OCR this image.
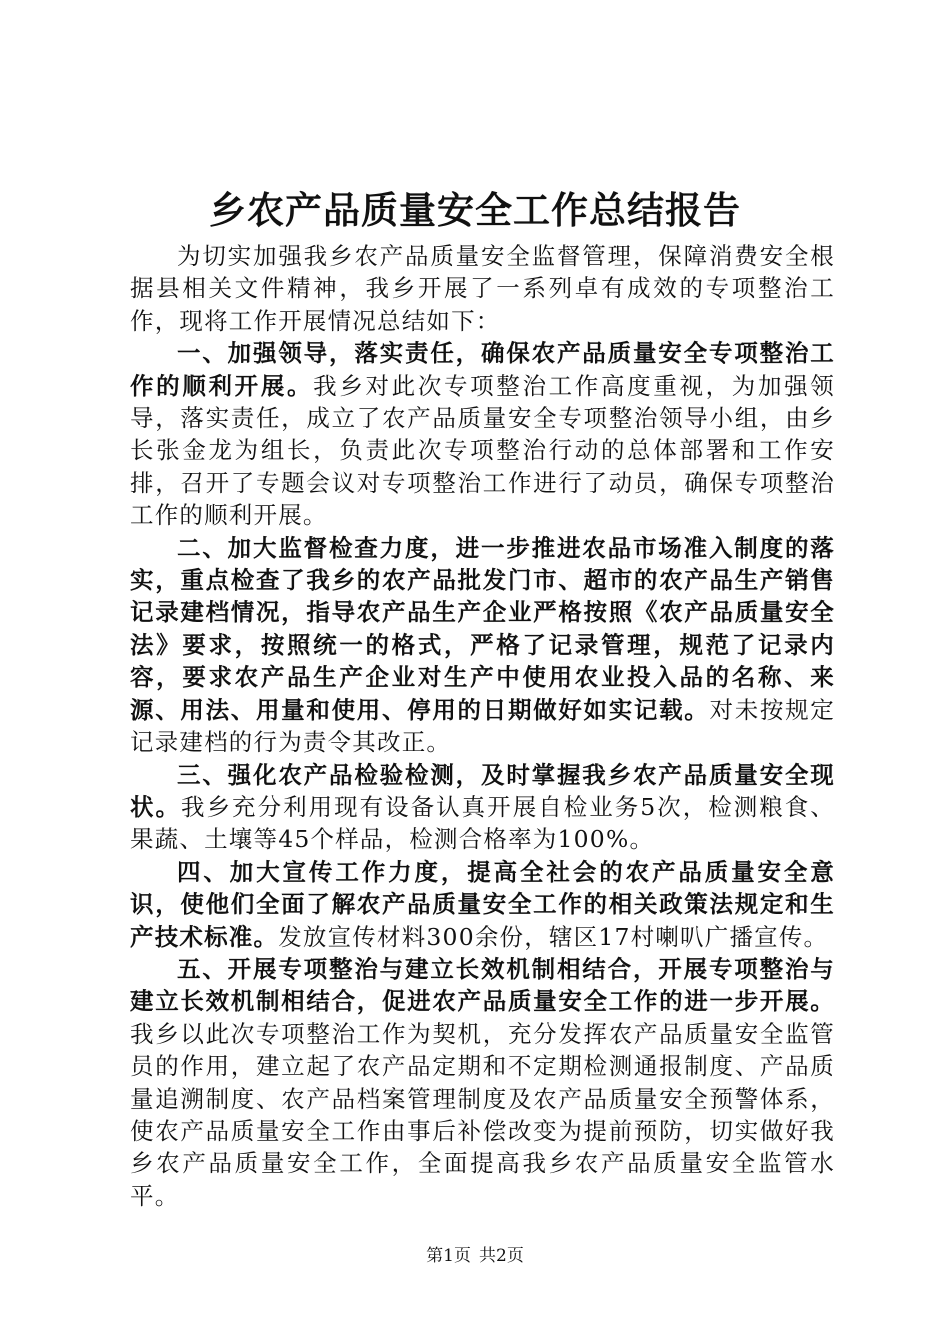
乡农产品质量安全工作总结报告

为切实加强我乡农产品质量安全监督管理，保障消费安全根据县相关文件精神，我乡开展了一系列卓有成效的专项整治工作，现将工作开展情况总结如下：

一、加强领导，落实责任，确保农产品质量安全专项整治工作的顺利开展。我乡对此次专项整治工作高度重视，为加强领导，落实责任，成立了农产品质量安全专项整治领导小组，由乡长张金龙为组长，负责此次专项整治行动的总体部署和工作安排，召开了专题会议对专项整治工作进行了动员，确保专项整治工作的顺利开展。

二、加大监督检查力度，进一步推进农品市场准入制度的落实，重点检查了我乡的农产品批发门市、超市的农产品生产销售记录建档情况，指导农产品生产企业严格按照《农产品质量安全法》要求，按照统一的格式，严格了记录管理，规范了记录内容，要求农产品生产企业对生产中使用农业投入品的名称、来源、用法、用量和使用、停用的日期做好如实记载。对未按规定记录建档的行为责令其改正。

三、强化农产品检验检测，及时掌握我乡农产品质量安全现状。我乡充分利用现有设备认真开展自检业务5次，检测粮食、果蔬、土壤等45个样品，检测合格率为100%。

四、加大宣传工作力度，提高全社会的农产品质量安全意识，使他们全面了解农产品质量安全工作的相关政策法规定和生产技术标准。发放宣传材料300余份，辖区17村喇叭广播宣传。

五、开展专项整治与建立长效机制相结合，开展专项整治与建立长效机制相结合，促进农产品质量安全工作的进一步开展。我乡以此次专项整治工作为契机，充分发挥农产品质量安全监管员的作用，建立起了农产品定期和不定期检测通报制度、产品质量追溯制度、农产品档案管理制度及农产品质量安全预警体系，使农产品质量安全工作由事后补偿改变为提前预防，切实做好我乡农产品质量安全工作，全面提高我乡农产品质量安全监管水平。

第1页 共2页
